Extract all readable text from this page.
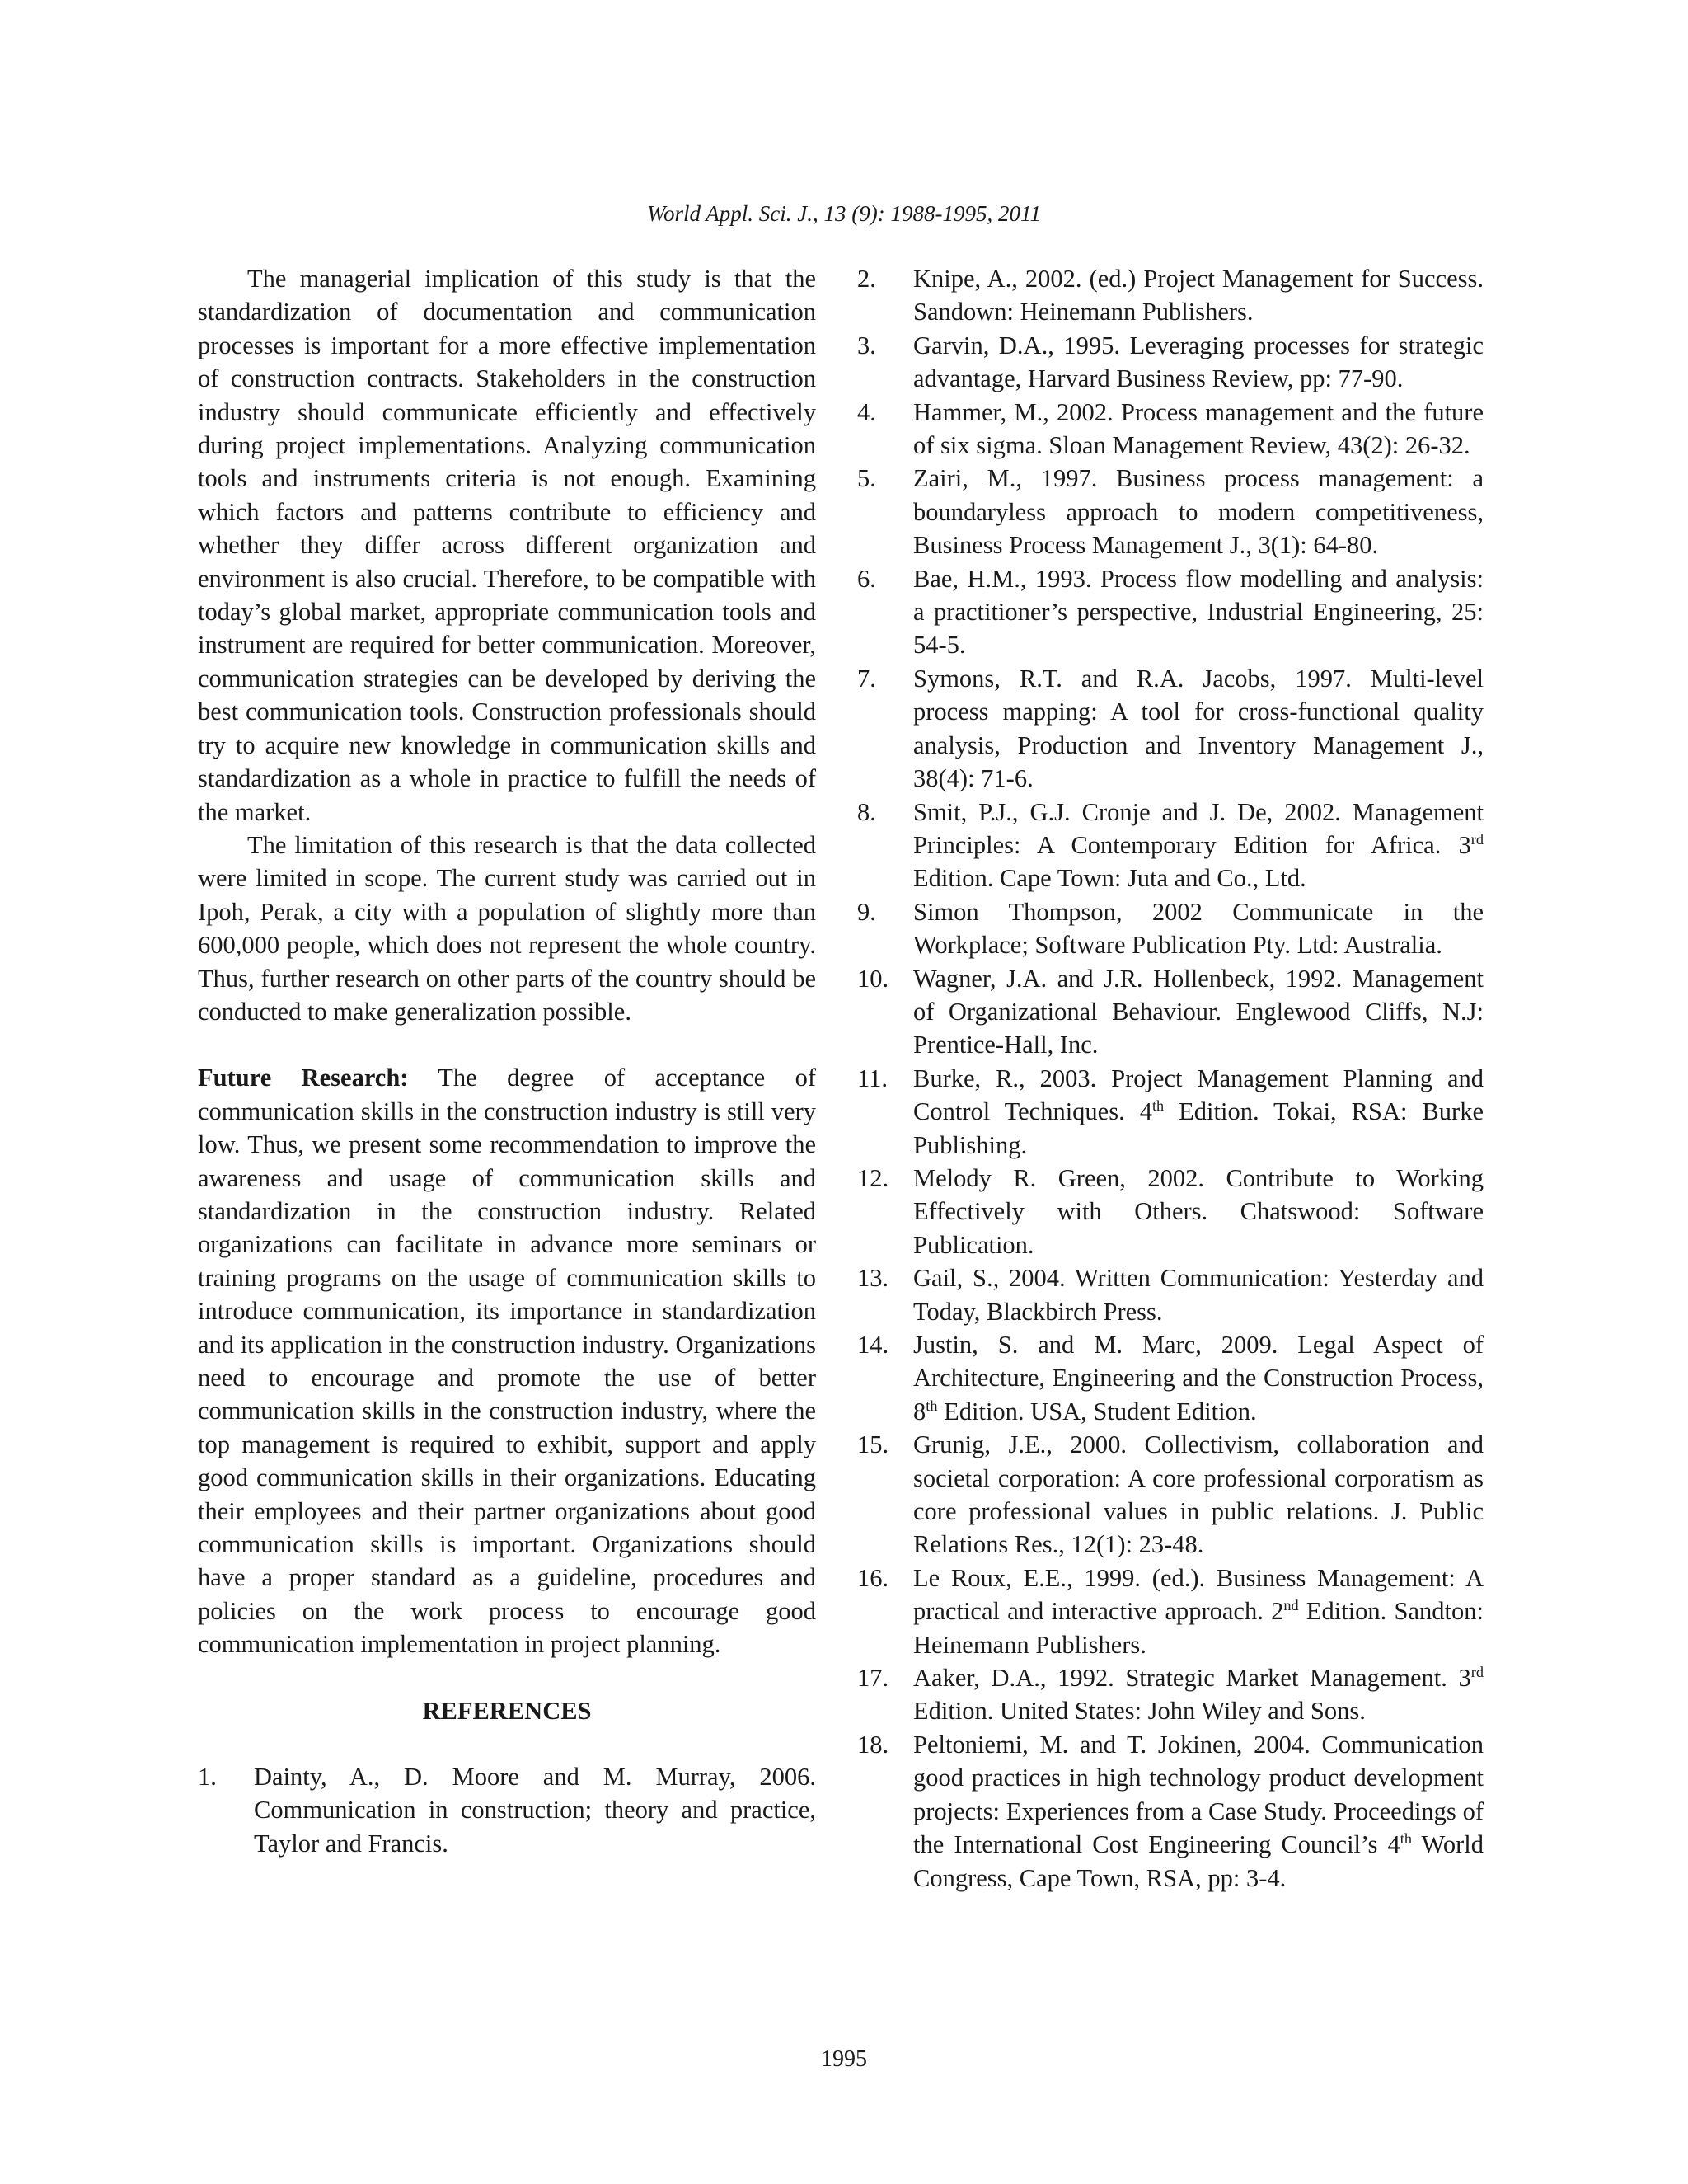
World Appl. Sci. J., 13 (9): 1988-1995, 2011

The managerial implication of this study is that the standardization of documentation and communication processes is important for a more effective implementation of construction contracts. Stakeholders in the construction industry should communicate efficiently and effectively during project implementations. Analyzing communication tools and instruments criteria is not enough. Examining which factors and patterns contribute to efficiency and whether they differ across different organization and environment is also crucial. Therefore, to be compatible with today’s global market, appropriate communication tools and instrument are required for better communication. Moreover, communication strategies can be developed by deriving the best communication tools. Construction professionals should try to acquire new knowledge in communication skills and standardization as a whole in practice to fulfill the needs of the market.

The limitation of this research is that the data collected were limited in scope. The current study was carried out in Ipoh, Perak, a city with a population of slightly more than 600,000 people, which does not represent the whole country. Thus, further research on other parts of the country should be conducted to make generalization possible.

Future Research: The degree of acceptance of communication skills in the construction industry is still very low. Thus, we present some recommendation to improve the awareness and usage of communication skills and standardization in the construction industry. Related organizations can facilitate in advance more seminars or training programs on the usage of communication skills to introduce communication, its importance in standardization and its application in the construction industry. Organizations need to encourage and promote the use of better communication skills in the construction industry, where the top management is required to exhibit, support and apply good communication skills in their organizations. Educating their employees and their partner organizations about good communication skills is important. Organizations should have a proper standard as a guideline, procedures and policies on the work process to encourage good communication implementation in project planning.

REFERENCES

1.	Dainty, A., D. Moore and M. Murray, 2006. Communication in construction; theory and practice, Taylor and Francis.
2.	Knipe, A., 2002. (ed.) Project Management for Success. Sandown: Heinemann Publishers.
3.	Garvin, D.A., 1995. Leveraging processes for strategic advantage, Harvard Business Review, pp: 77-90.
4.	Hammer, M., 2002. Process management and the future of six sigma. Sloan Management Review, 43(2): 26-32.
5.	Zairi, M., 1997. Business process management: a boundaryless approach to modern competitiveness, Business Process Management J., 3(1): 64-80.
6.	Bae, H.M., 1993. Process flow modelling and analysis: a practitioner’s perspective, Industrial Engineering, 25: 54-5.
7.	Symons, R.T. and R.A. Jacobs, 1997. Multi-level process mapping: A tool for cross-functional quality analysis, Production and Inventory Management J., 38(4): 71-6.
8.	Smit, P.J., G.J. Cronje and J. De, 2002. Management Principles: A Contemporary Edition for Africa. 3rd Edition. Cape Town: Juta and Co., Ltd.
9.	Simon Thompson, 2002 Communicate in the Workplace; Software Publication Pty. Ltd: Australia.
10. Wagner, J.A. and J.R. Hollenbeck, 1992. Management of Organizational Behaviour. Englewood Cliffs, N.J: Prentice-Hall, Inc.
11.	Burke, R., 2003. Project Management Planning and Control Techniques. 4th Edition. Tokai, RSA: Burke Publishing.
12. Melody R. Green, 2002. Contribute to Working Effectively with Others. Chatswood: Software Publication.
13. Gail, S., 2004. Written Communication: Yesterday and Today, Blackbirch Press.
14. Justin, S. and M. Marc, 2009. Legal Aspect of Architecture, Engineering and the Construction Process, 8th Edition. USA, Student Edition.
15. Grunig, J.E., 2000. Collectivism, collaboration and societal corporation: A core professional corporatism as core professional values in public relations. J. Public Relations Res., 12(1): 23-48.
16. Le Roux, E.E., 1999. (ed.). Business Management: A practical and interactive approach. 2nd Edition. Sandton: Heinemann Publishers.
17. Aaker, D.A., 1992. Strategic Market Management. 3rd Edition. United States: John Wiley and Sons.
18. Peltoniemi, M. and T. Jokinen, 2004. Communication good practices in high technology product development projects: Experiences from a Case Study. Proceedings of the International Cost Engineering Council’s 4th World Congress, Cape Town, RSA, pp: 3-4.
1995
